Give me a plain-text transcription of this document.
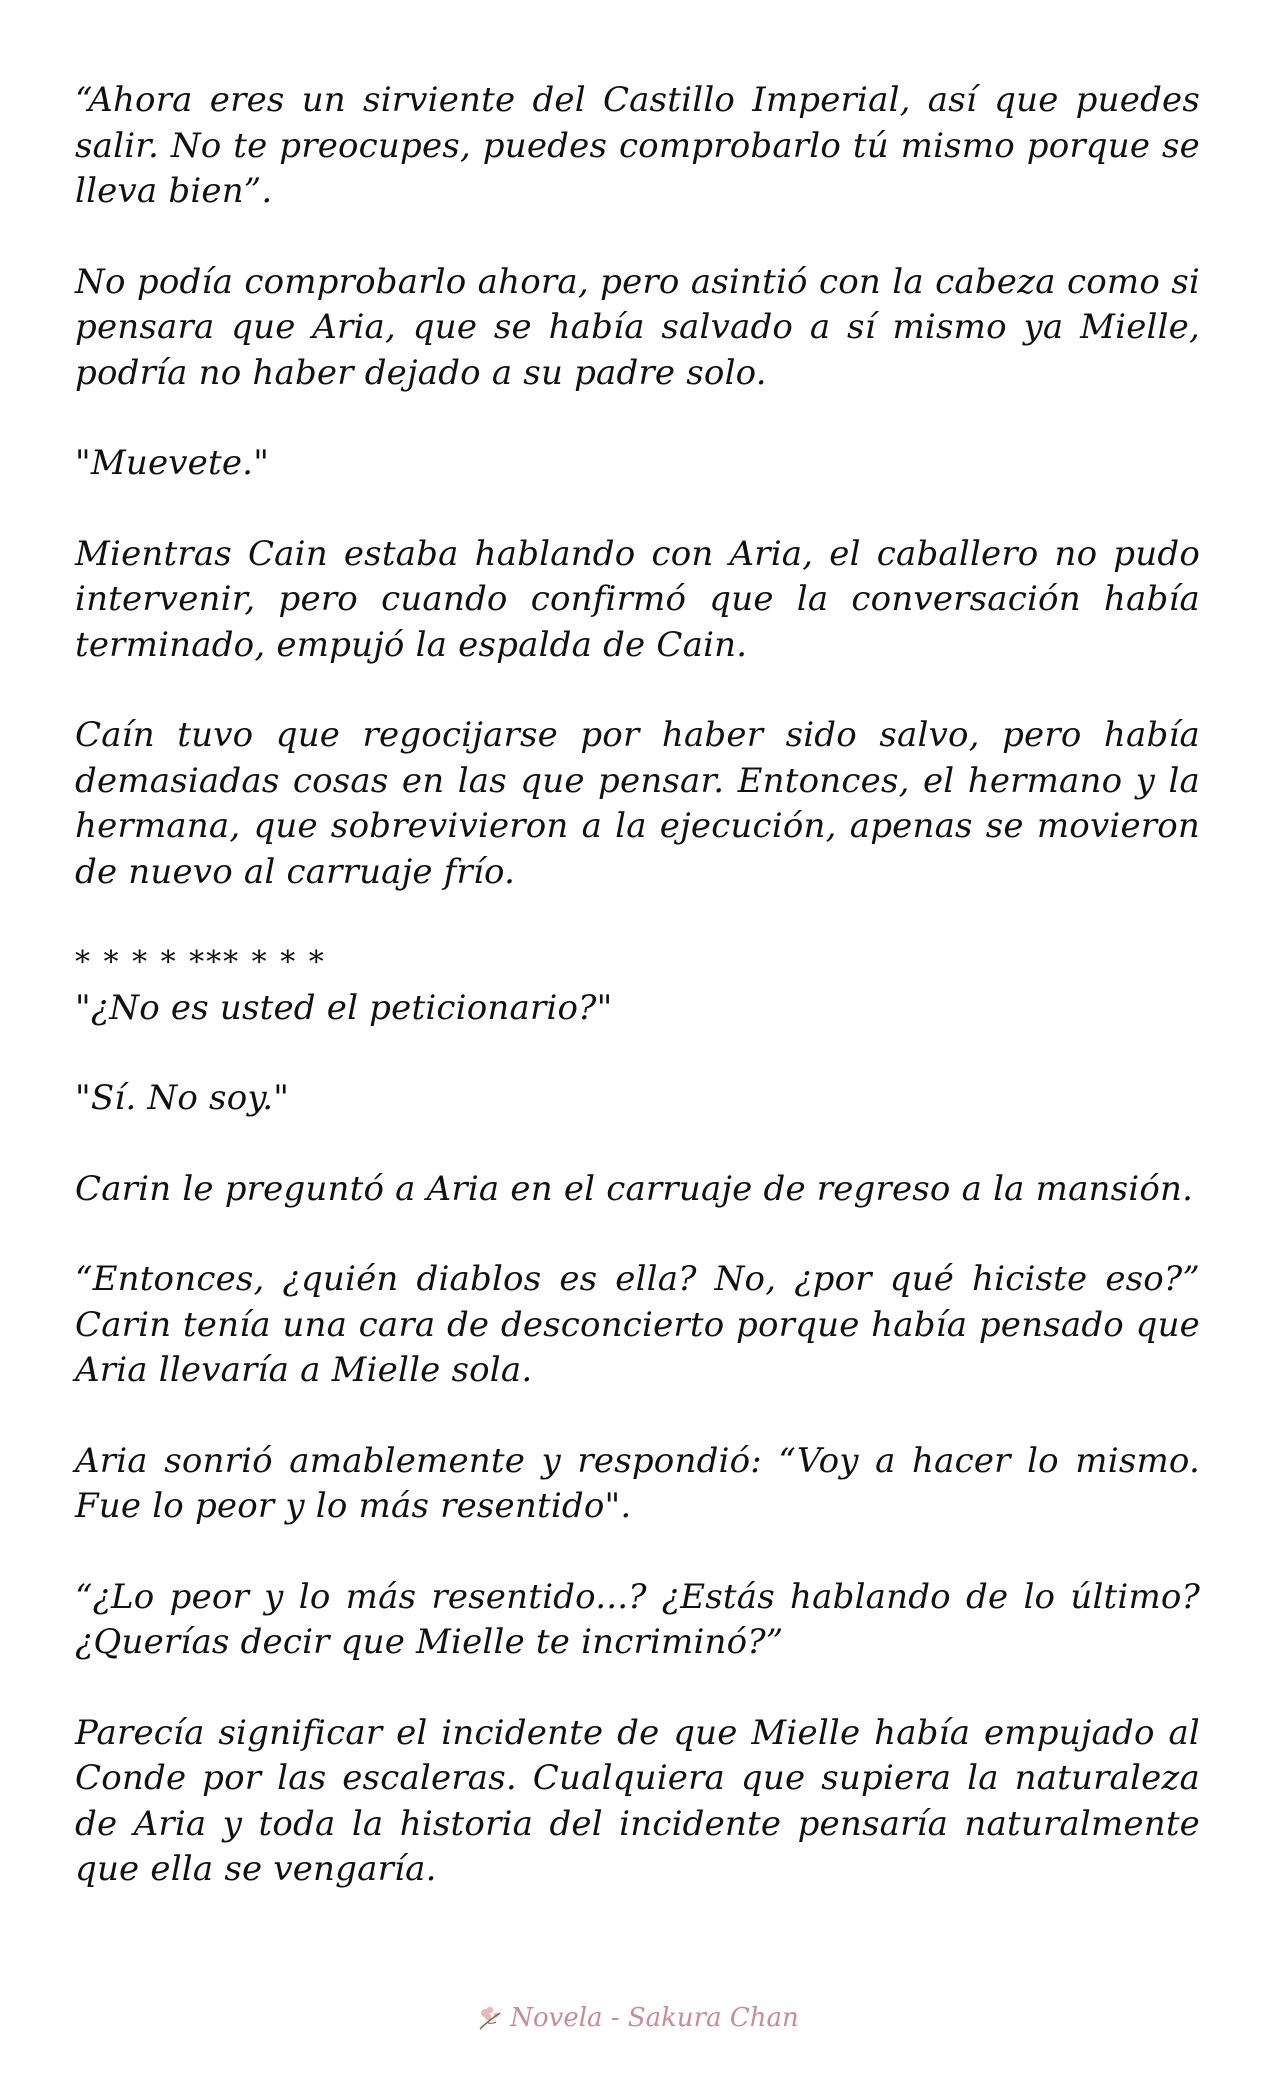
“Ahora eres un sirviente del Castillo Imperial, así que puedes salir. No te preocupes, puedes comprobarlo tú mismo porque se lleva bien”.

No podía comprobarlo ahora, pero asintió con la cabeza como si pensara que Aria, que se había salvado a sí mismo ya Mielle, podría no haber dejado a su padre solo.

"Muevete."

Mientras Cain estaba hablando con Aria, el caballero no pudo intervenir, pero cuando confirmó que la conversación había terminado, empujó la espalda de Cain.

Caín tuvo que regocijarse por haber sido salvo, pero había demasiadas cosas en las que pensar. Entonces, el hermano y la hermana, que sobrevivieron a la ejecución, apenas se movieron de nuevo al carruaje frío.

* * * * *** * * *

"¿No es usted el peticionario?"

"Sí. No soy."

Carin le preguntó a Aria en el carruaje de regreso a la mansión.

“Entonces, ¿quién diablos es ella? No, ¿por qué hiciste eso?” Carin tenía una cara de desconcierto porque había pensado que Aria llevaría a Mielle sola.

Aria sonrió amablemente y respondió: “Voy a hacer lo mismo. Fue lo peor y lo más resentido".

“¿Lo peor y lo más resentido...? ¿Estás hablando de lo último? ¿Querías decir que Mielle te incriminó?”

Parecía significar el incidente de que Mielle había empujado al Conde por las escaleras. Cualquiera que supiera la naturaleza de Aria y toda la historia del incidente pensaría naturalmente que ella se vengaría.

Novela - Sakura Chan
